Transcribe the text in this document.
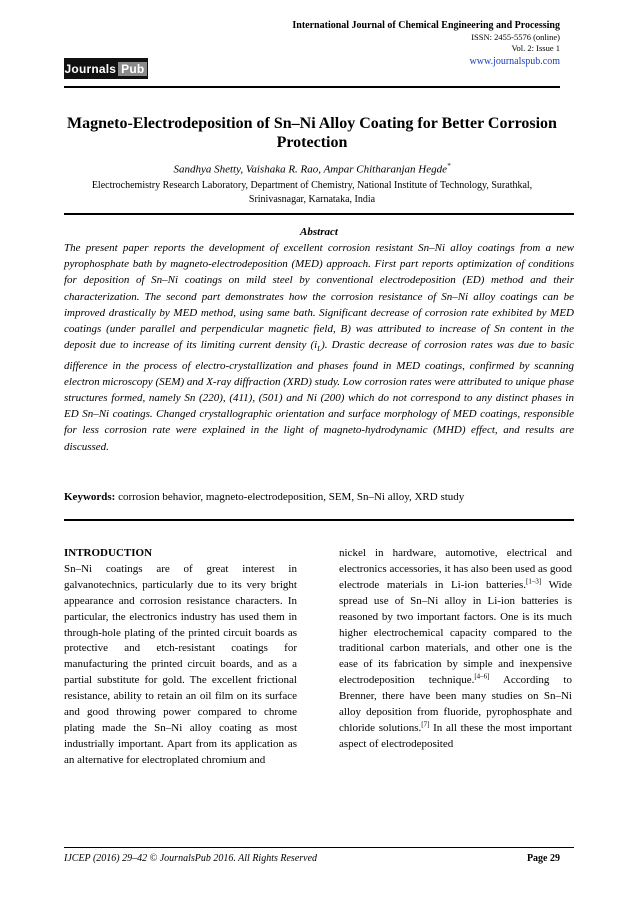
International Journal of Chemical Engineering and Processing
ISSN: 2455-5576 (online)
Vol. 2: Issue 1
www.journalspub.com
Journals Pub
Magneto-Electrodeposition of Sn–Ni Alloy Coating for Better Corrosion Protection
Sandhya Shetty, Vaishaka R. Rao, Ampar Chitharanjan Hegde*
Electrochemistry Research Laboratory, Department of Chemistry, National Institute of Technology, Surathkal, Srinivasnagar, Karnataka, India
Abstract
The present paper reports the development of excellent corrosion resistant Sn–Ni alloy coatings from a new pyrophosphate bath by magneto-electrodeposition (MED) approach. First part reports optimization of conditions for deposition of Sn–Ni coatings on mild steel by conventional electrodeposition (ED) method and their characterization. The second part demonstrates how the corrosion resistance of Sn–Ni alloy coatings can be improved drastically by MED method, using same bath. Significant decrease of corrosion rate exhibited by MED coatings (under parallel and perpendicular magnetic field, B) was attributed to increase of Sn content in the deposit due to increase of its limiting current density $(i_L)$. Drastic decrease of corrosion rates was due to basic difference in the process of electro-crystallization and phases found in MED coatings, confirmed by scanning electron microscopy (SEM) and X-ray diffraction (XRD) study. Low corrosion rates were attributed to unique phase structures formed, namely Sn (220), (411), (501) and Ni (200) which do not correspond to any distinct phases in ED Sn–Ni coatings. Changed crystallographic orientation and surface morphology of MED coatings, responsible for less corrosion rate were explained in the light of magneto-hydrodynamic (MHD) effect, and results are discussed.
Keywords: corrosion behavior, magneto-electrodeposition, SEM, Sn–Ni alloy, XRD study
INTRODUCTION
Sn–Ni coatings are of great interest in galvanotechnics, particularly due to its very bright appearance and corrosion resistance characters. In particular, the electronics industry has used them in through-hole plating of the printed circuit boards as protective and etch-resistant coatings for manufacturing the printed circuit boards, and as a partial substitute for gold. The excellent frictional resistance, ability to retain an oil film on its surface and good throwing power compared to chrome plating made the Sn–Ni alloy coating as most industrially important. Apart from its application as an alternative for electroplated chromium and
nickel in hardware, automotive, electrical and electronics accessories, it has also been used as good electrode materials in Li-ion batteries.[1–3] Wide spread use of Sn–Ni alloy in Li-ion batteries is reasoned by two important factors. One is its much higher electrochemical capacity compared to the traditional carbon materials, and other one is the ease of its fabrication by simple and inexpensive electrodeposition technique.[4–6] According to Brenner, there have been many studies on Sn–Ni alloy deposition from fluoride, pyrophosphate and chloride solutions.[7] In all these the most important aspect of electrodeposited
IJCEP (2016) 29–42 © JournalsPub 2016. All Rights Reserved	Page 29
